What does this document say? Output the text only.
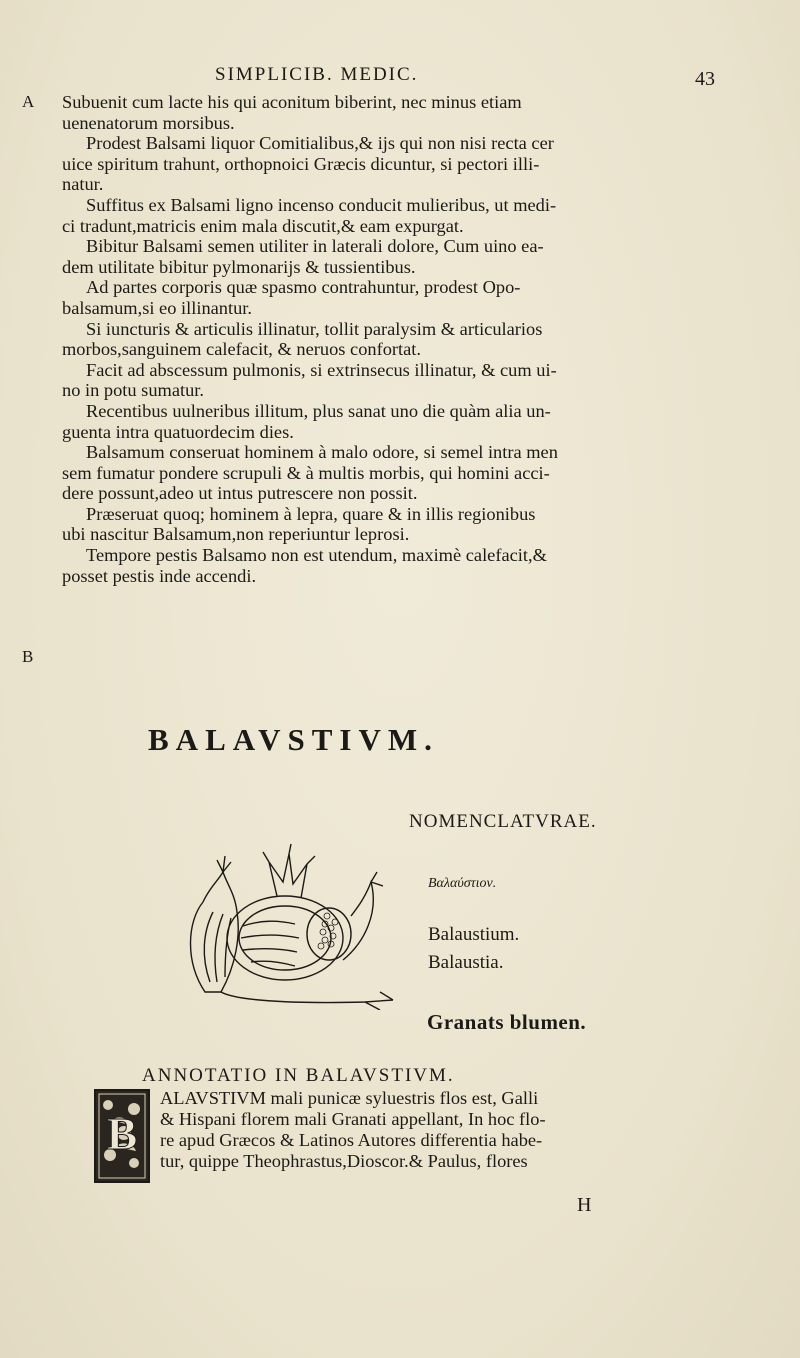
SIMPLICIB. MEDIC.	43
A
B

Subuenit cum lacte his qui aconitum biberint, nec minus etiam
uenenatorum morsibus.

Prodest Balsami liquor Comitialibus,& ijs qui non nisi recta cer

uice spiritum trahunt, orthopnoici Græcis dicuntur, si pectori illi-
natur.

Suffitus ex Balsami ligno incenso conducit mulieribus, ut medi-

ci tradunt,matricis enim mala discutit,& eam expurgat.

Bibitur Balsami semen utiliter in laterali dolore, Cum uino ea-

dem utilitate bibitur pylmonarijs & tussientibus.

Ad partes corporis quæ spasmo contrahuntur, prodest Opo-

balsamum,si eo illinantur.

Si iuncturis & articulis illinatur, tollit paralysim & articularios

morbos,sanguinem calefacit, & neruos confortat.

Facit ad abscessum pulmonis, si extrinsecus illinatur, & cum ui-

no in potu sumatur.

Recentibus uulneribus illitum, plus sanat uno die quàm alia un-

guenta intra quatuordecim dies.

Balsamum conseruat hominem à malo odore, si semel intra men

sem fumatur pondere scrupuli & à multis morbis, qui homini acci-
dere possunt,adeo ut intus putrescere non possit.

Præseruat quoq; hominem à lepra, quare & in illis regionibus

ubi nascitur Balsamum,non reperiuntur leprosi.

Tempore pestis Balsamo non est utendum, maximè calefacit,&

posset pestis inde accendi.

BALAVSTIVM.
NOMENCLATVRAE.
Βαλαύστιον.
Balaustium.
Balaustia.
Granats blumen.
ANNOTATIO IN BALAVSTIVM.
B

ALAVSTIVM mali punicæ syluestris flos est, Galli

& Hispani florem mali Granati appellant, In hoc flo-

re apud Græcos & Latinos Autores differentia habe-

tur, quippe Theophrastus,Dioscor.& Paulus, flores

H
